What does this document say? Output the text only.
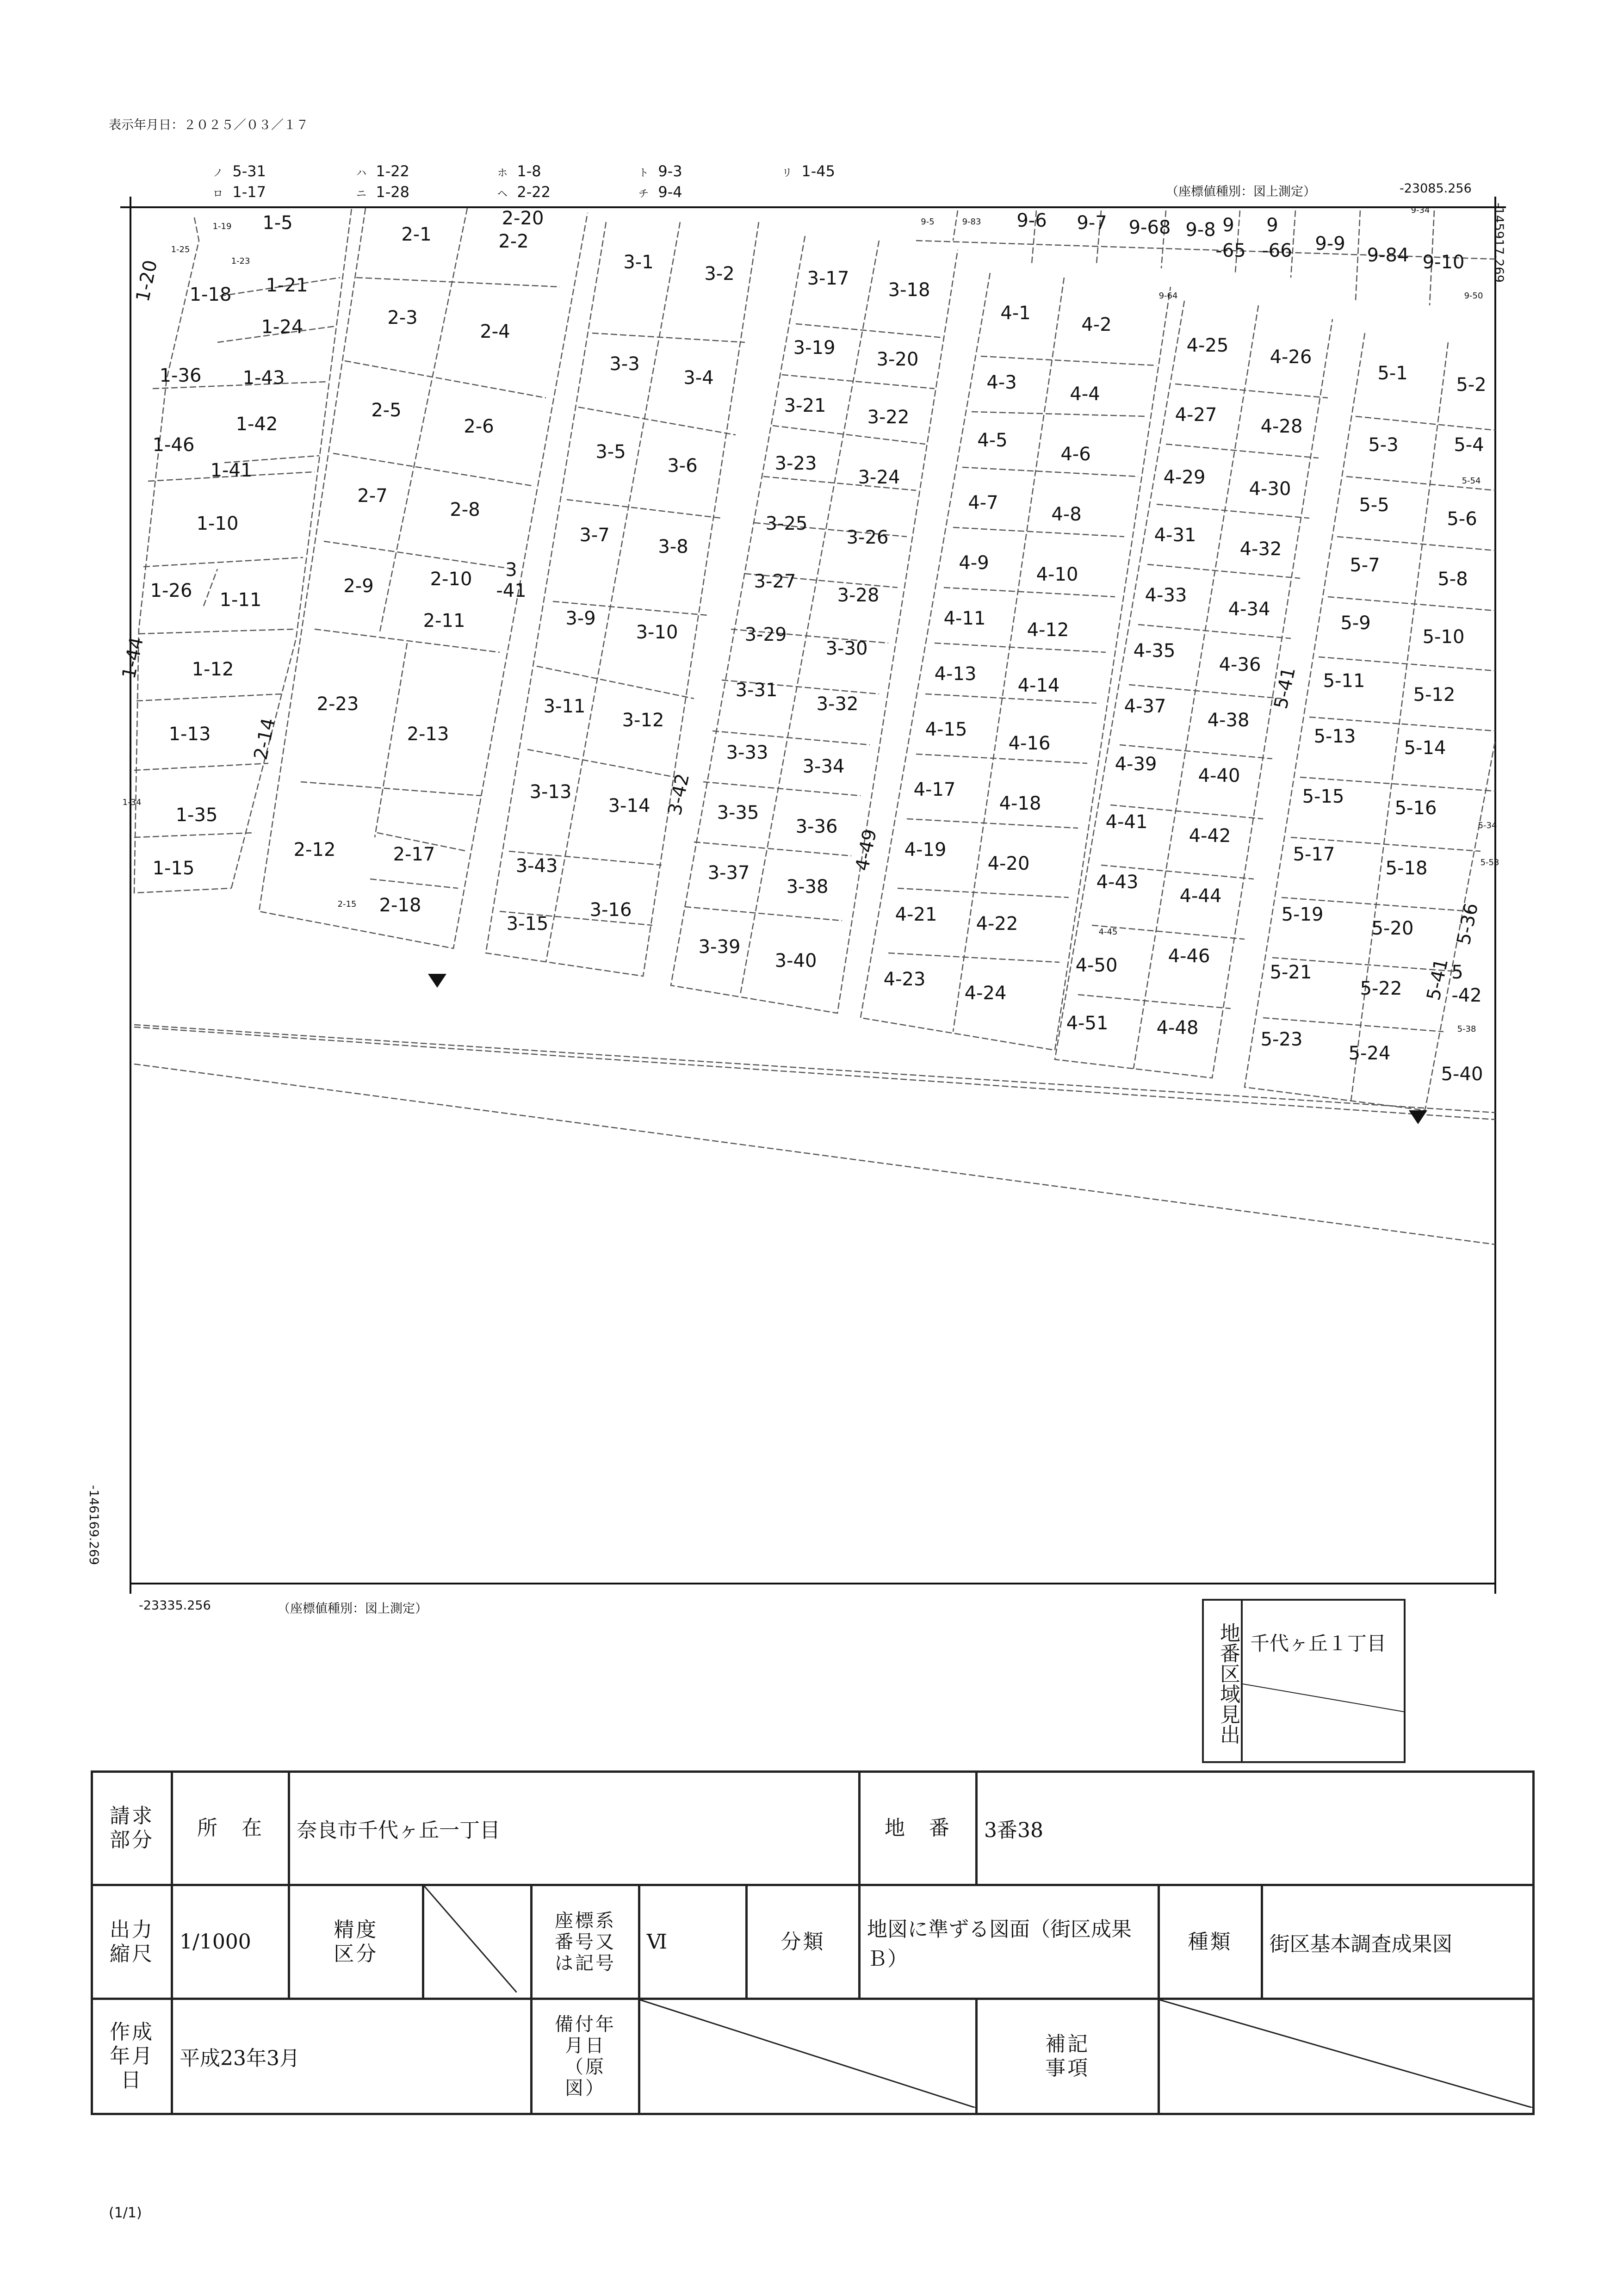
表示年月日：２０２５／０３／１７
ノ 5-31
ロ 1-17
ハ 1-22
ニ 1-28
ホ 1-8
ヘ 2-22
ト 9-3
チ 9-4
リ 1-45
（座標値種別：図上測定）	-23085.256
-145917.269
-146169.269
-23335.256	（座標値種別：図上測定）
1-19 1-5
1-25
1-23
1-20 1-18 1-21
1-24
1-36 1-43
1-42
1-46
1-41
1-10
1-26 1-11
1-44 1-12
1-13
1-34
1-35
1-15
2-1
2-20
2-2
2-3
2-4
2-5
2-6
2-7
2-8
2-9	2-10
2-11
2-23
2-14	2-13
2-12	2-17
2-15 2-18
3-1
3-2
3-3
3-4
3-5
3-6
3-7
3-8
3
-41
3-9
3-10
3-11
3-12
3-13
3-14
3-43
3-15
3-16
3-17
3-18
3-19
3-20
3-21
3-22
3-23
3-24
3-25
3-26
3-27
3-28
3-29
3-30
3-31
3-32
3-33
3-34
3-42 3-35
3-36
3-37
3-38
3-39
3-40
9-5	9-83 9-6 9-7 9-68 9-8 9
-65
9
-66 9-9
9-84 9-10
9-34
9-64	9-50
4-1
4-2
4-3
4-4
4-5
4-6
4-7
4-8
4-9
4-10
4-11
4-12
4-13
4-14
4-15
4-16
4-17
4-18
4-49 4-19
4-20
4-21 4-22
4-23
4-24
4-25
4-26
4-27
4-28
4-29
4-30
4-31
4-32
4-33
4-34
4-35
4-36
4-37
4-38
4-39
4-40
4-41
4-42
4-43
4-44
4-45
4-50	4-46
4-51	4-48
5-1
5-2
5-3	5-4
5-54
5-5
5-6
5-7
5-8
5-9
5-10
5-41 5-11
5-12
5-13
5-14
5-15
5-16
5-34
5-17
5-18	5-53
5-19
5-20 5-36
5-21
5-22 5-41
5
-42
5-38
5-23
5-24
5-40
地番区域見出 千代ヶ丘１丁目
請求部分	所　在	奈良市千代ヶ丘一丁目					地　番	3番38		

出力縮尺	1/1000	精度区分		座標系番号又は記号	Ⅵ	分類	地図に準ずる図面（街区成果Ｂ）		種類	街区基本調査成果図

作成年月日	平成23年3月			備付年月日（原図）				補記事項

(1/1)
